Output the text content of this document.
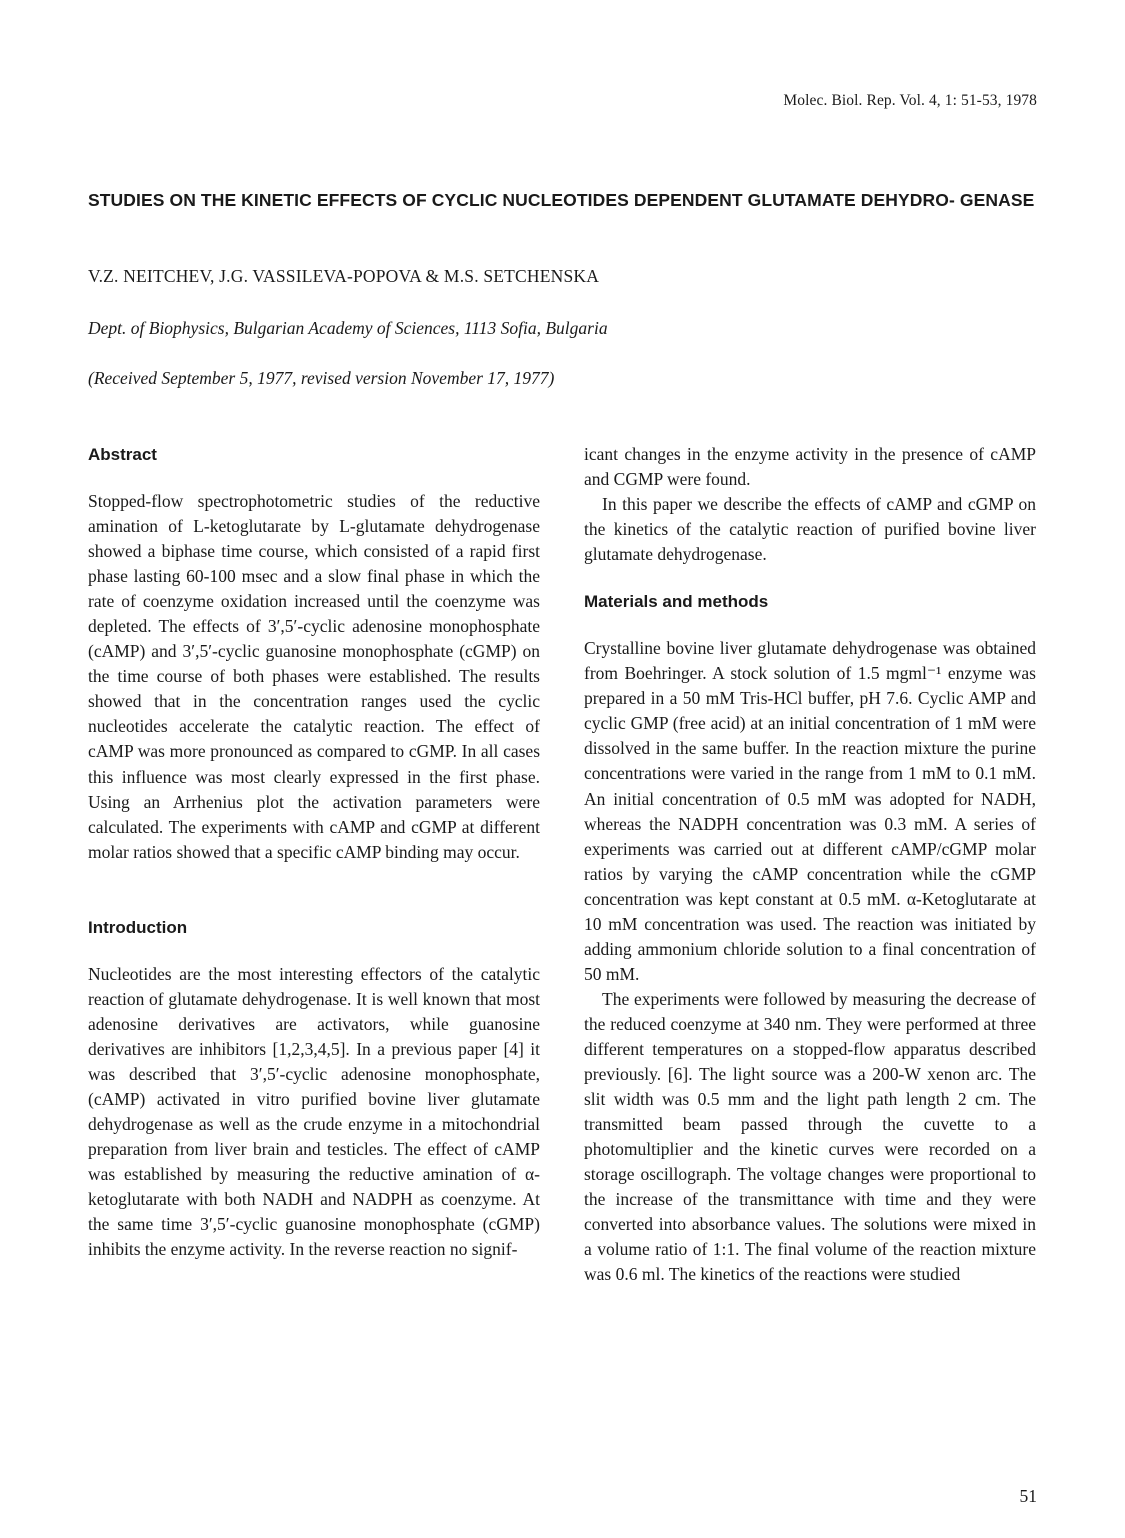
Molec. Biol. Rep. Vol. 4, 1: 51-53, 1978
STUDIES ON THE KINETIC EFFECTS OF CYCLIC NUCLEOTIDES DEPENDENT GLUTAMATE DEHYDRO- GENASE
V.Z. NEITCHEV, J.G. VASSILEVA-POPOVA & M.S. SETCHENSKA
Dept. of Biophysics, Bulgarian Academy of Sciences, 1113 Sofia, Bulgaria
(Received September 5, 1977, revised version November 17, 1977)
Abstract

Stopped-flow spectrophotometric studies of the reductive amination of L-ketoglutarate by L-glutamate dehydrogenase showed a biphase time course, which consisted of a rapid first phase lasting 60-100 msec and a slow final phase in which the rate of coenzyme oxidation increased until the coenzyme was depleted. The effects of 3′,5′-cyclic adenosine monophosphate (cAMP) and 3′,5′-cyclic guanosine monophosphate (cGMP) on the time course of both phases were established. The results showed that in the concentration ranges used the cyclic nucleotides accelerate the catalytic reaction. The effect of cAMP was more pronounced as compared to cGMP. In all cases this influence was most clearly expressed in the first phase. Using an Arrhenius plot the activation parameters were calculated. The experiments with cAMP and cGMP at different molar ratios showed that a specific cAMP binding may occur.

Introduction

Nucleotides are the most interesting effectors of the catalytic reaction of glutamate dehydrogenase. It is well known that most adenosine derivatives are activators, while guanosine derivatives are inhibitors [1,2,3,4,5]. In a previous paper [4] it was described that 3′,5′-cyclic adenosine monophosphate, (cAMP) activated in vitro purified bovine liver glutamate dehydrogenase as well as the crude enzyme in a mitochondrial preparation from liver brain and testicles. The effect of cAMP was established by measuring the reductive amination of α-ketoglutarate with both NADH and NADPH as coenzyme. At the same time 3′,5′-cyclic guanosine monophosphate (cGMP) inhibits the enzyme activity. In the reverse reaction no signif-

icant changes in the enzyme activity in the presence of cAMP and CGMP were found.

In this paper we describe the effects of cAMP and cGMP on the kinetics of the catalytic reaction of purified bovine liver glutamate dehydrogenase.

Materials and methods

Crystalline bovine liver glutamate dehydrogenase was obtained from Boehringer. A stock solution of 1.5 mgml⁻¹ enzyme was prepared in a 50 mM Tris-HCl buffer, pH 7.6. Cyclic AMP and cyclic GMP (free acid) at an initial concentration of 1 mM were dissolved in the same buffer. In the reaction mixture the purine concentrations were varied in the range from 1 mM to 0.1 mM. An initial concentration of 0.5 mM was adopted for NADH, whereas the NADPH concentration was 0.3 mM. A series of experiments was carried out at different cAMP/cGMP molar ratios by varying the cAMP concentration while the cGMP concentration was kept constant at 0.5 mM. α-Ketoglutarate at 10 mM concentration was used. The reaction was initiated by adding ammonium chloride solution to a final concentration of 50 mM.

The experiments were followed by measuring the decrease of the reduced coenzyme at 340 nm. They were performed at three different temperatures on a stopped-flow apparatus described previously. [6]. The light source was a 200-W xenon arc. The slit width was 0.5 mm and the light path length 2 cm. The transmitted beam passed through the cuvette to a photomultiplier and the kinetic curves were recorded on a storage oscillograph. The voltage changes were proportional to the increase of the transmittance with time and they were converted into absorbance values. The solutions were mixed in a volume ratio of 1:1. The final volume of the reaction mixture was 0.6 ml. The kinetics of the reactions were studied

51
